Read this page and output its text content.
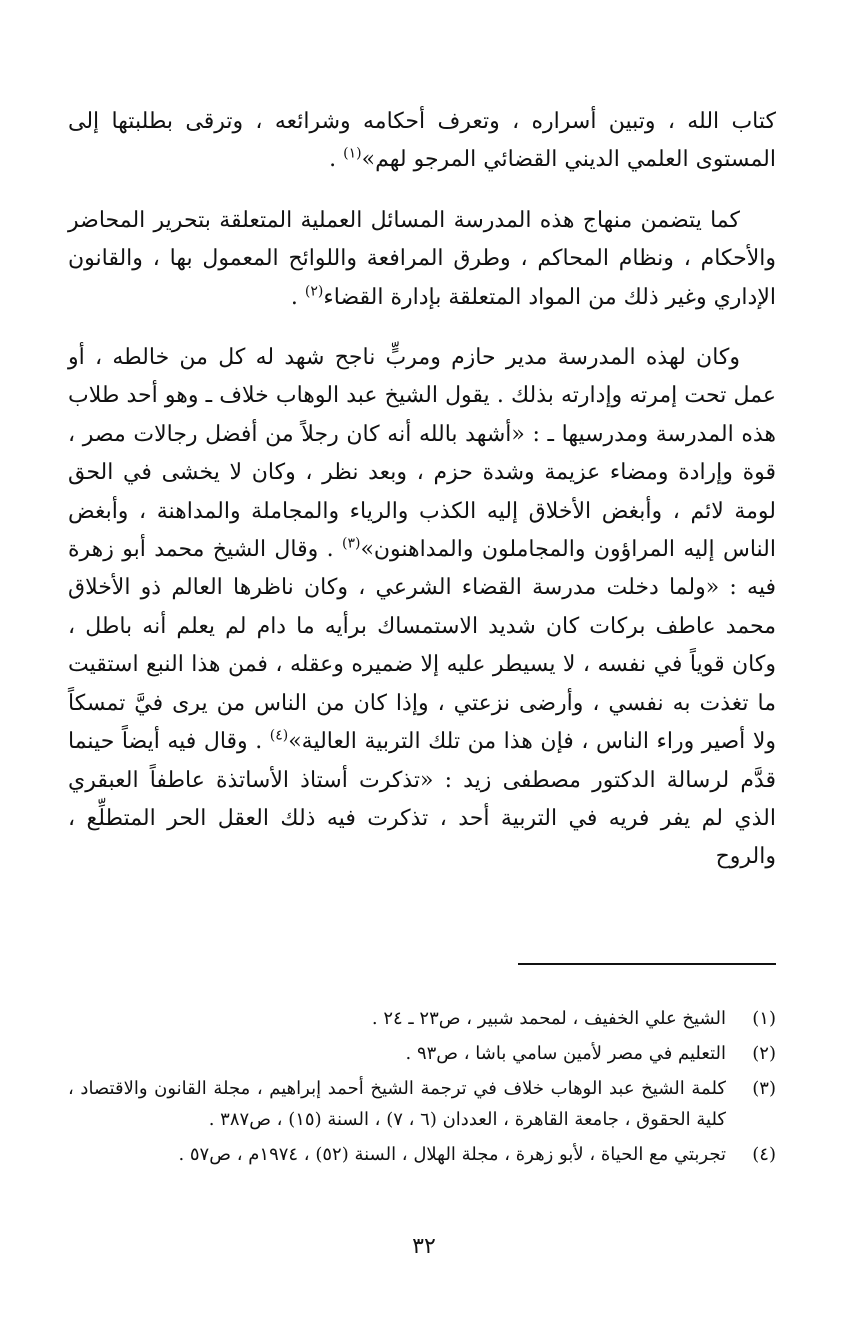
كتاب الله ، وتبين أسراره ، وتعرف أحكامه وشرائعه ، وترقى بطلبتها إلى المستوى العلمي الديني القضائي المرجو لهم»$^{(١)}$ .

كما يتضمن منهاج هذه المدرسة المسائل العملية المتعلقة بتحرير المحاضر والأحكام ، ونظام المحاكم ، وطرق المرافعة واللوائح المعمول بها ، والقانون الإداري وغير ذلك من المواد المتعلقة بإدارة القضاء$^{(٢)}$ .

وكان لهذه المدرسة مدير حازم ومربٍّ ناجح شهد له كل من خالطه ، أو عمل تحت إمرته وإدارته بذلك . يقول الشيخ عبد الوهاب خلاف ـ وهو أحد طلاب هذه المدرسة ومدرسيها ـ : «أشهد بالله أنه كان رجلاً من أفضل رجالات مصر ، قوة وإرادة ومضاء عزيمة وشدة حزم ، وبعد نظر ، وكان لا يخشى في الحق لومة لائم ، وأبغض الأخلاق إليه الكذب والرياء والمجاملة والمداهنة ، وأبغض الناس إليه المراؤون والمجاملون والمداهنون»$^{(٣)}$ . وقال الشيخ محمد أبو زهرة فيه : «ولما دخلت مدرسة القضاء الشرعي ، وكان ناظرها العالم ذو الأخلاق محمد عاطف بركات كان شديد الاستمساك برأيه ما دام لم يعلم أنه باطل ، وكان قوياً في نفسه ، لا يسيطر عليه إلا ضميره وعقله ، فمن هذا النبع استقيت ما تغذت به نفسي ، وأرضى نزعتي ، وإذا كان من الناس من يرى فيَّ تمسكاً ولا أصير وراء الناس ، فإن هذا من تلك التربية العالية»$^{(٤)}$ . وقال فيه أيضاً حينما قدَّم لرسالة الدكتور مصطفى زيد : «تذكرت أستاذ الأساتذة عاطفاً العبقري الذي لم يفر فريه في التربية أحد ، تذكرت فيه ذلك العقل الحر المتطلِّع ، والروح

(١)
الشيخ علي الخفيف ، لمحمد شبير ، ص٢٣ ـ ٢٤ .
(٢)
التعليم في مصر لأمين سامي باشا ، ص٩٣ .
(٣)
كلمة الشيخ عبد الوهاب خلاف في ترجمة الشيخ أحمد إبراهيم ، مجلة القانون والاقتصاد ، كلية الحقوق ، جامعة القاهرة ، العددان (٦ ، ٧) ، السنة (١٥) ، ص٣٨٧ .
(٤)
تجربتي مع الحياة ، لأبو زهرة ، مجلة الهلال ، السنة (٥٢) ، ١٩٧٤م ، ص٥٧ .
٣٢
